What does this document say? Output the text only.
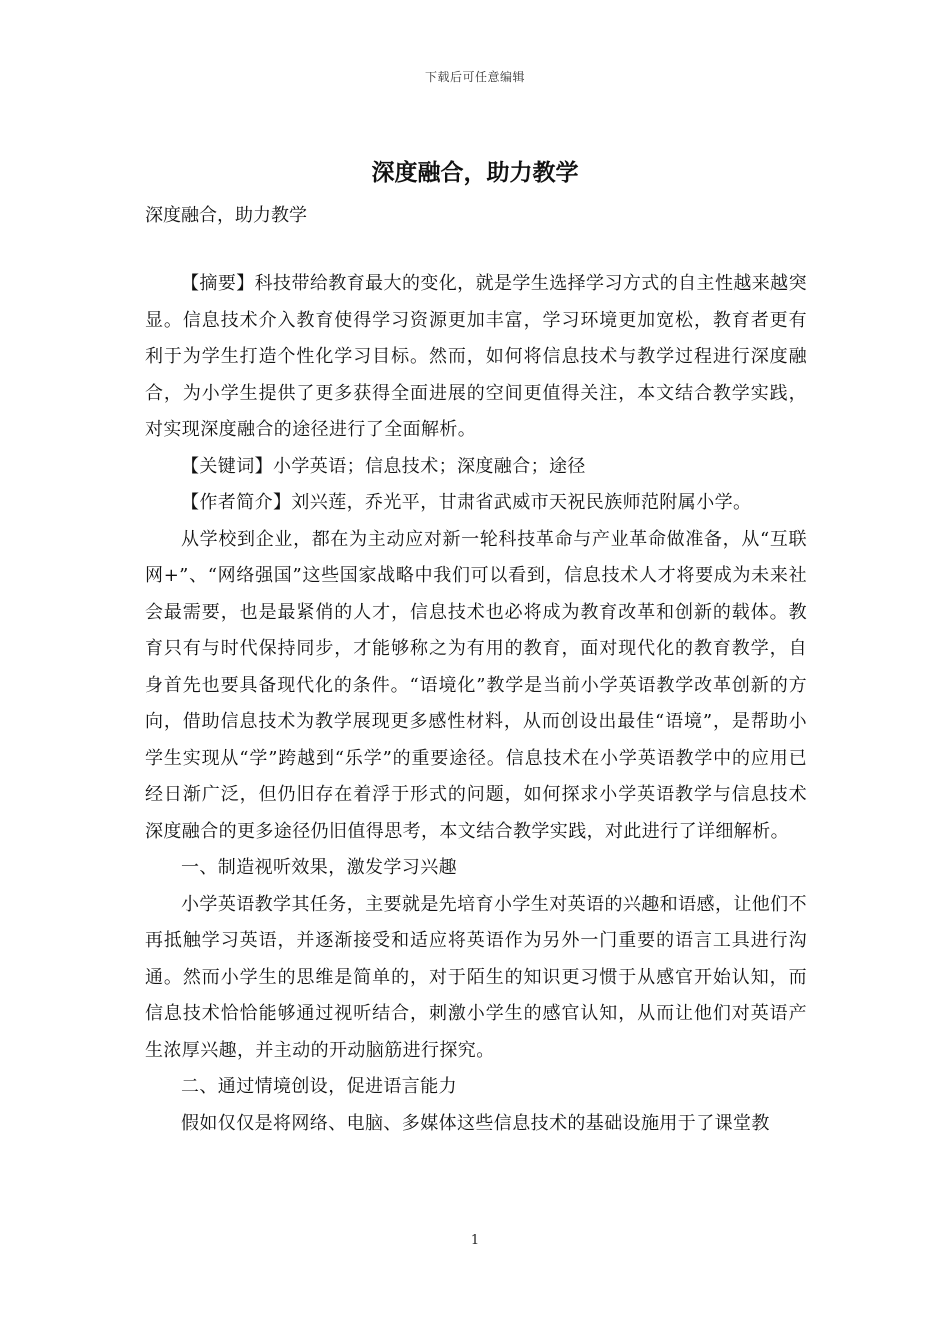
下载后可任意编辑
深度融合，助力教学
深度融合，助力教学

【摘要】科技带给教育最大的变化，就是学生选择学习方式的自主性越来越突显。信息技术介入教育使得学习资源更加丰富，学习环境更加宽松，教育者更有利于为学生打造个性化学习目标。然而，如何将信息技术与教学过程进行深度融合，为小学生提供了更多获得全面进展的空间更值得关注，本文结合教学实践，对实现深度融合的途径进行了全面解析。

【关键词】小学英语；信息技术；深度融合；途径

【作者简介】刘兴莲，乔光平，甘肃省武威市天祝民族师范附属小学。

从学校到企业，都在为主动应对新一轮科技革命与产业革命做准备，从“互联网+”、“网络强国”这些国家战略中我们可以看到，信息技术人才将要成为未来社会最需要，也是最紧俏的人才，信息技术也必将成为教育改革和创新的载体。教育只有与时代保持同步，才能够称之为有用的教育，面对现代化的教育教学，自身首先也要具备现代化的条件。“语境化”教学是当前小学英语教学改革创新的方向，借助信息技术为教学展现更多感性材料，从而创设出最佳“语境”，是帮助小学生实现从“学”跨越到“乐学”的重要途径。信息技术在小学英语教学中的应用已经日渐广泛，但仍旧存在着浮于形式的问题，如何探求小学英语教学与信息技术深度融合的更多途径仍旧值得思考，本文结合教学实践，对此进行了详细解析。

一、制造视听效果，激发学习兴趣

小学英语教学其任务，主要就是先培育小学生对英语的兴趣和语感，让他们不再抵触学习英语，并逐渐接受和适应将英语作为另外一门重要的语言工具进行沟通。然而小学生的思维是简单的，对于陌生的知识更习惯于从感官开始认知，而信息技术恰恰能够通过视听结合，刺激小学生的感官认知，从而让他们对英语产生浓厚兴趣，并主动的开动脑筋进行探究。

二、通过情境创设，促进语言能力

假如仅仅是将网络、电脑、多媒体这些信息技术的基础设施用于了课堂教

1
